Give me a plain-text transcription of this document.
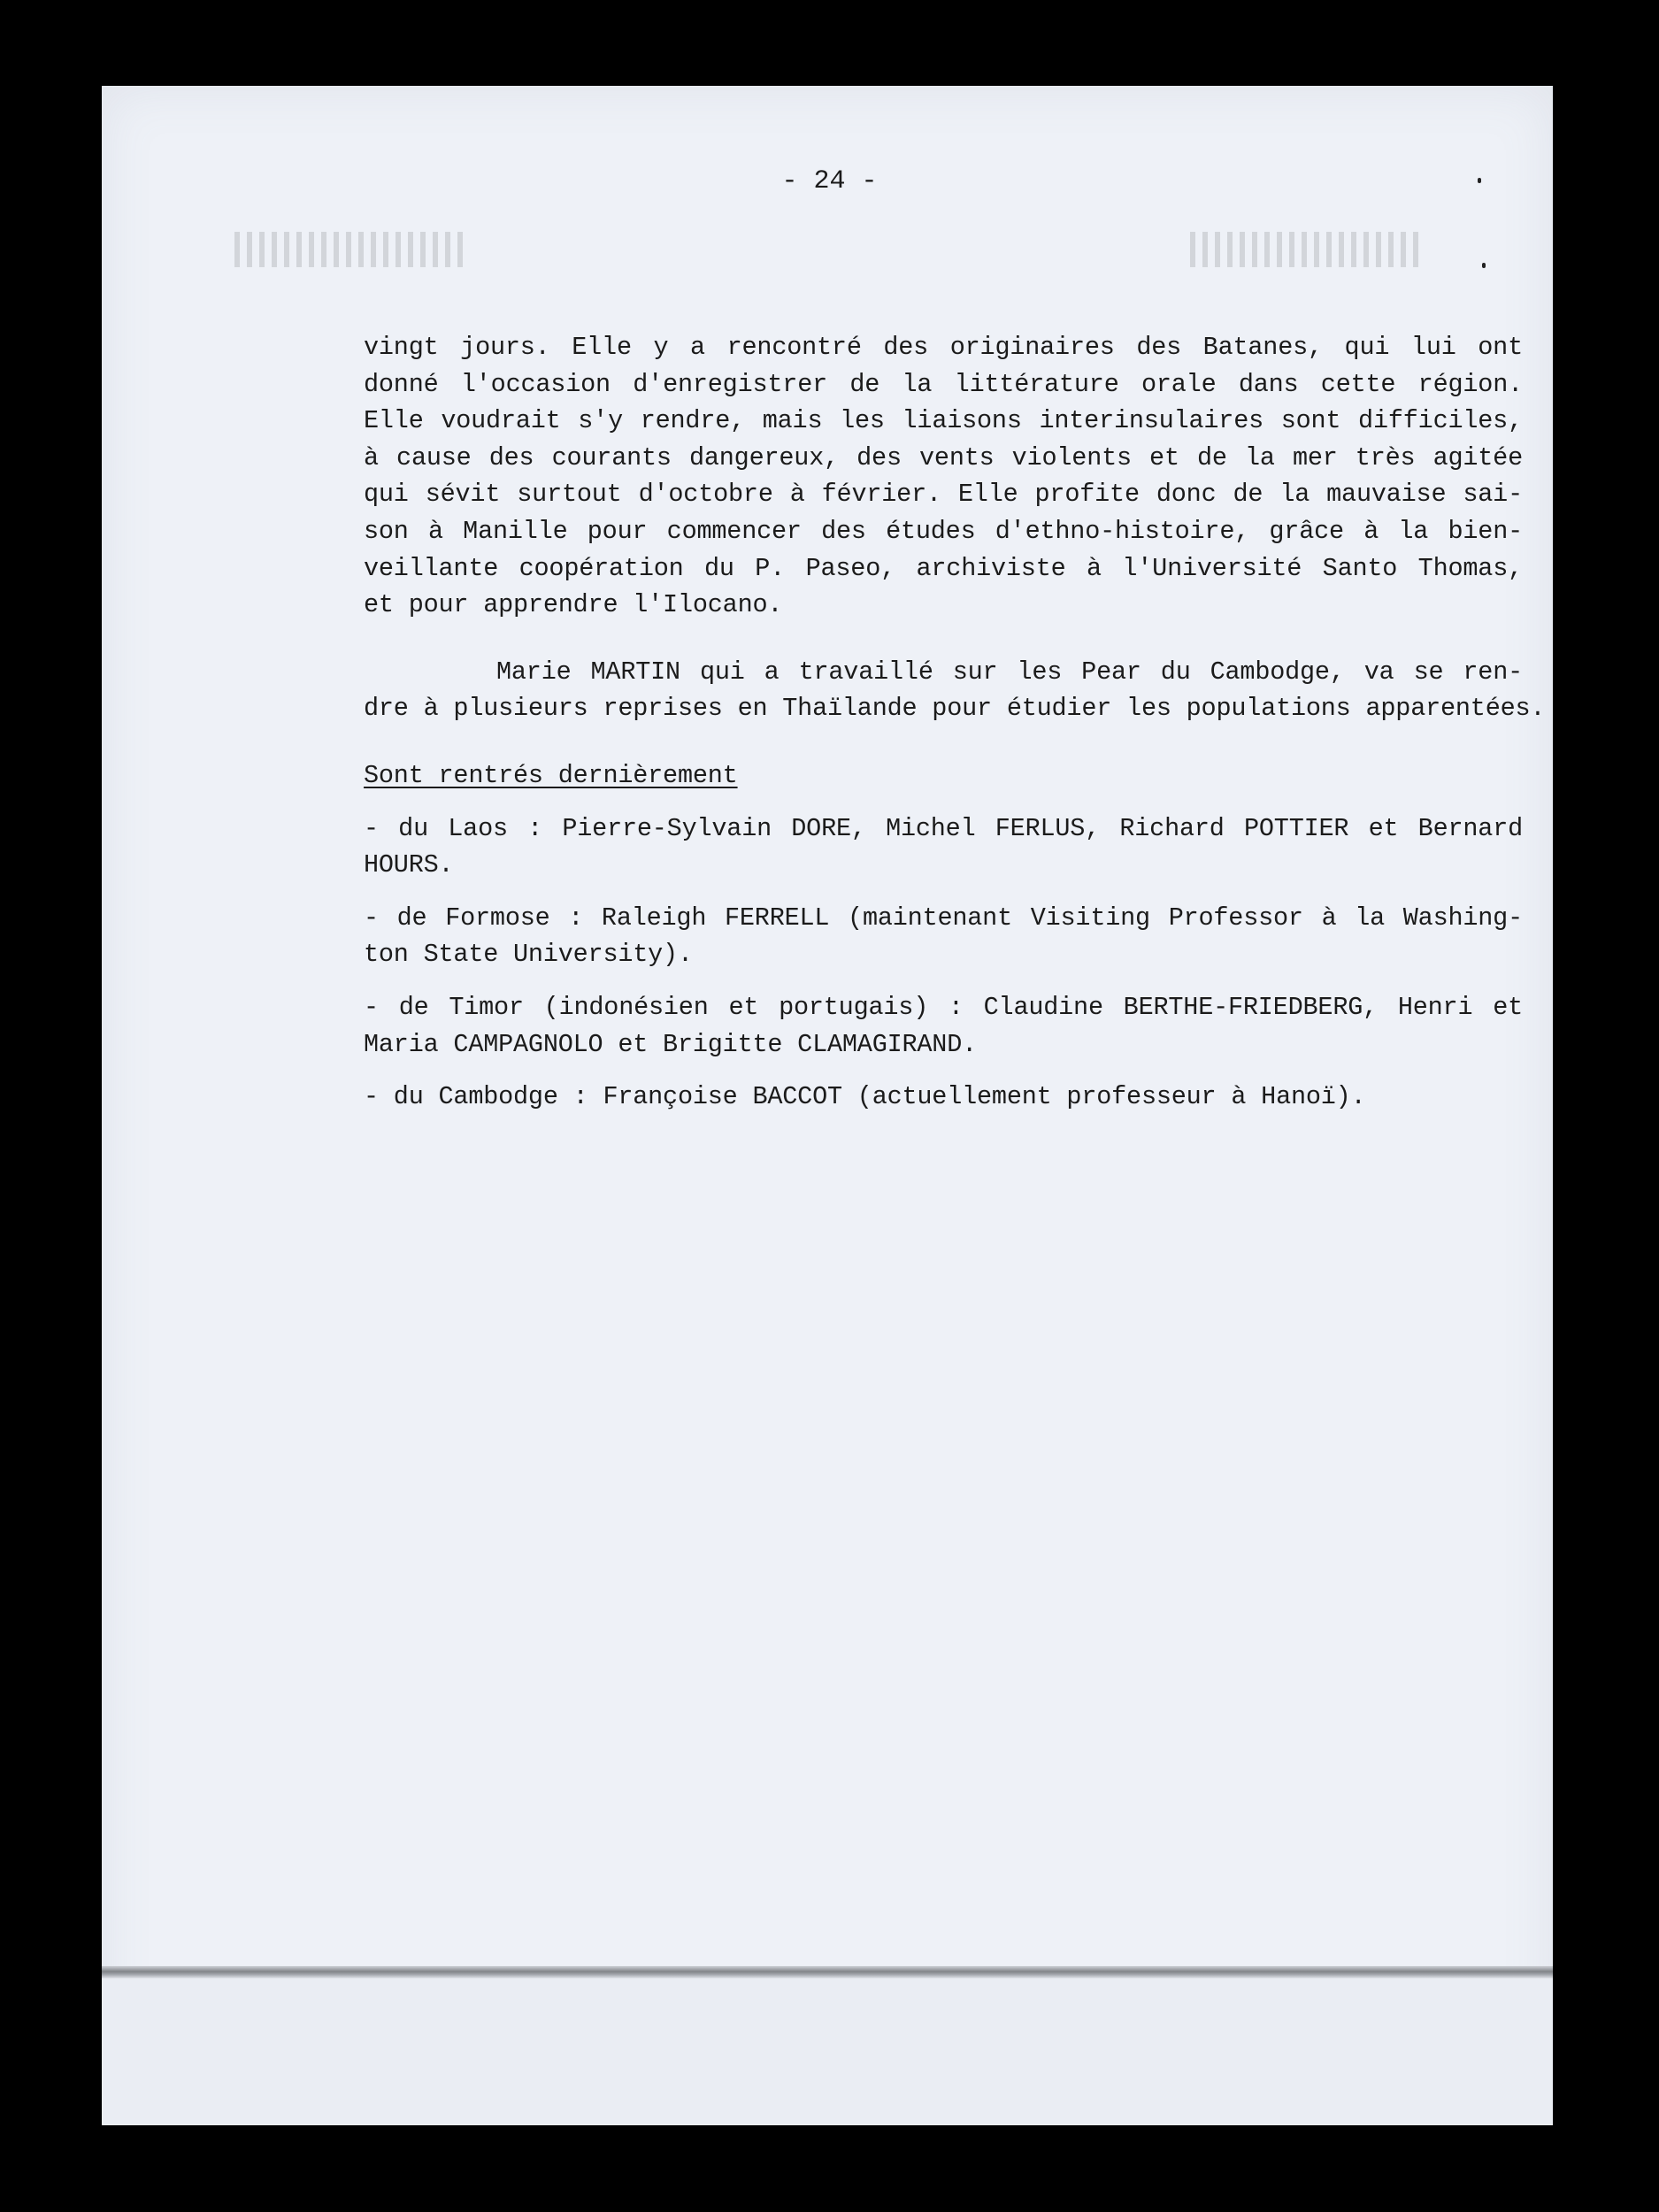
- 24 -
vingt jours. Elle y a rencontré des originaires des Batanes, qui lui ont
donné l'occasion d'enregistrer de la littérature orale dans cette région.
Elle voudrait s'y rendre, mais les liaisons interinsulaires sont difficiles,
à cause des courants dangereux, des vents violents et de la mer très agitée
qui sévit surtout d'octobre à février. Elle profite donc de la mauvaise sai-
son à Manille pour commencer des études d'ethno-histoire, grâce à la bien-
veillante coopération du P. Paseo, archiviste à l'Université Santo Thomas,
et pour apprendre l'Ilocano.
Marie MARTIN qui a travaillé sur les Pear du Cambodge, va se ren-
dre à plusieurs reprises en Thaïlande pour étudier les populations apparentées.
Sont rentrés dernièrement
- du Laos : Pierre-Sylvain DORE, Michel FERLUS, Richard POTTIER et Bernard
HOURS.
- de Formose : Raleigh FERRELL (maintenant Visiting Professor à la Washing-
ton State University).
- de Timor (indonésien et portugais) : Claudine BERTHE-FRIEDBERG, Henri et
Maria CAMPAGNOLO et Brigitte CLAMAGIRAND.
- du Cambodge : Françoise BACCOT (actuellement professeur à Hanoï).
